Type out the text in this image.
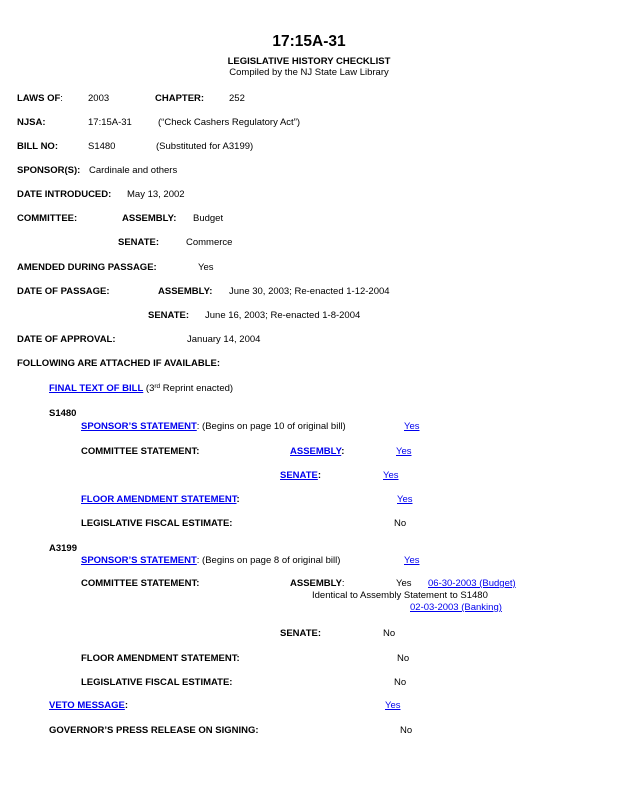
17:15A-31
LEGISLATIVE HISTORY CHECKLIST
Compiled by the NJ State Law Library
LAWS OF:	2003	CHAPTER:	252
NJSA:	17:15A-31	(“Check Cashers Regulatory Act”)
BILL NO:	S1480	(Substituted for A3199)
SPONSOR(S): Cardinale and others
DATE INTRODUCED: May 13, 2002
COMMITTEE:	ASSEMBLY: Budget
SENATE:	Commerce
AMENDED DURING PASSAGE:	Yes
DATE OF PASSAGE:	ASSEMBLY: June 30, 2003; Re-enacted 1-12-2004
SENATE: June 16, 2003; Re-enacted 1-8-2004
DATE OF APPROVAL:	January 14, 2004
FOLLOWING ARE ATTACHED IF AVAILABLE:
FINAL TEXT OF BILL (3rd Reprint enacted)
S1480
SPONSOR’S STATEMENT: (Begins on page 10 of original bill)	Yes
COMMITTEE STATEMENT:	ASSEMBLY:	Yes
SENATE:	Yes
FLOOR AMENDMENT STATEMENT:	Yes
LEGISLATIVE FISCAL ESTIMATE:	No
A3199
SPONSOR’S STATEMENT: (Begins on page 8 of original bill)	Yes
COMMITTEE STATEMENT:	ASSEMBLY:	Yes 06-30-2003 (Budget)
Identical to Assembly Statement to S1480
02-03-2003 (Banking)
SENATE:	No
FLOOR AMENDMENT STATEMENT:	No
LEGISLATIVE FISCAL ESTIMATE:	No
VETO MESSAGE:	Yes
GOVERNOR’S PRESS RELEASE ON SIGNING:	No
